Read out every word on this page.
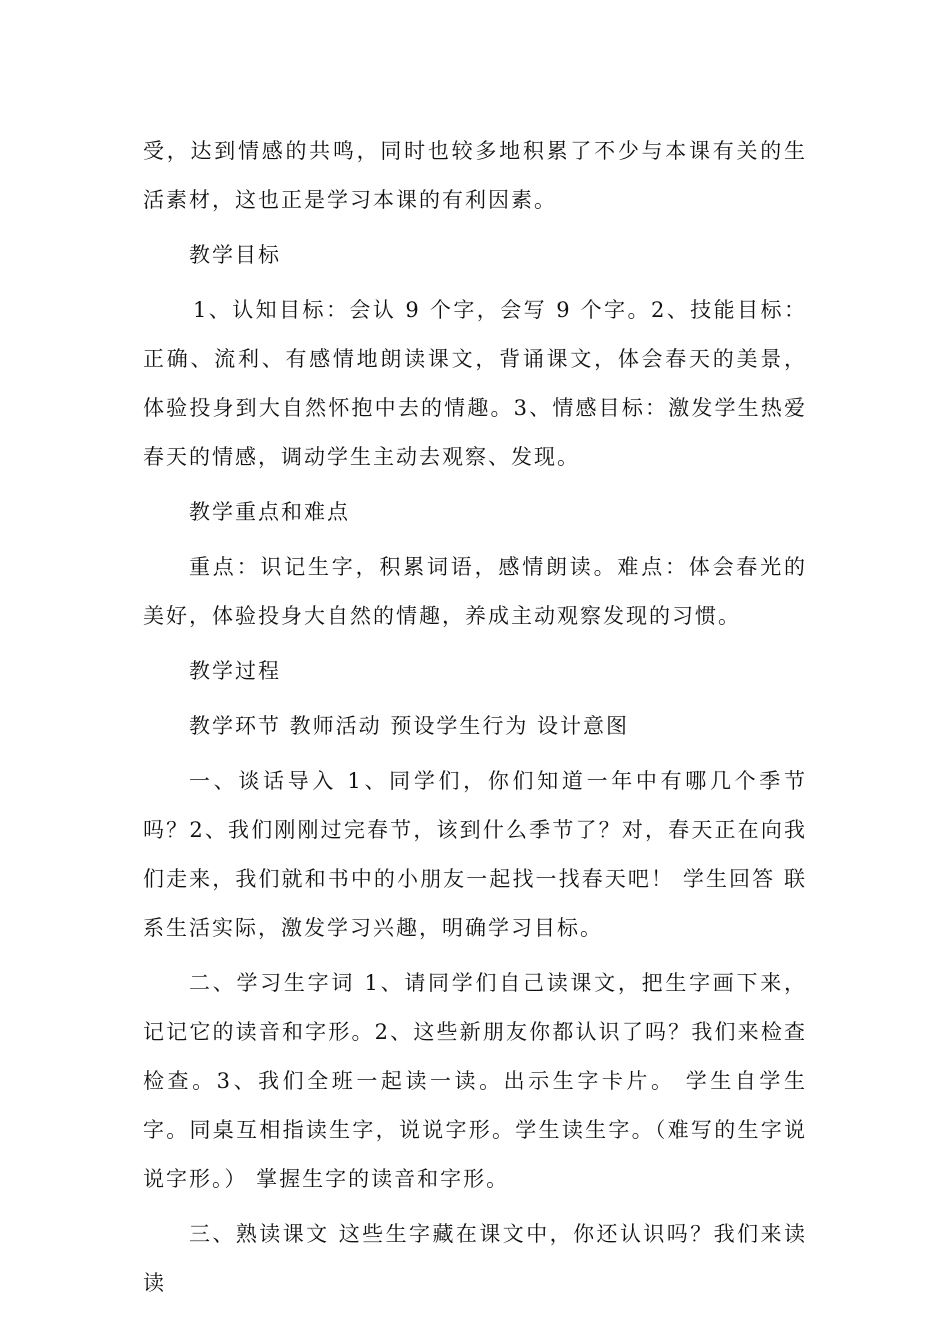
受，达到情感的共鸣，同时也较多地积累了不少与本课有关的生活素材，这也正是学习本课的有利因素。

教学目标

1、认知目标：会认 9 个字，会写 9 个字。2、技能目标：正确、流利、有感情地朗读课文，背诵课文，体会春天的美景，体验投身到大自然怀抱中去的情趣。3、情感目标：激发学生热爱春天的情感，调动学生主动去观察、发现。

教学重点和难点

重点：识记生字，积累词语，感情朗读。难点：体会春光的美好，体验投身大自然的情趣，养成主动观察发现的习惯。

教学过程

教学环节 教师活动 预设学生行为 设计意图

一、谈话导入 1、同学们，你们知道一年中有哪几个季节吗？2、我们刚刚过完春节，该到什么季节了？对，春天正在向我们走来，我们就和书中的小朋友一起找一找春天吧！ 学生回答 联系生活实际，激发学习兴趣，明确学习目标。

二、学习生字词 1、请同学们自己读课文，把生字画下来，记记它的读音和字形。2、这些新朋友你都认识了吗？我们来检查检查。3、我们全班一起读一读。出示生字卡片。 学生自学生字。同桌互相指读生字，说说字形。学生读生字。（难写的生字说说字形。） 掌握生字的读音和字形。

三、熟读课文 这些生字藏在课文中，你还认识吗？我们来读读
